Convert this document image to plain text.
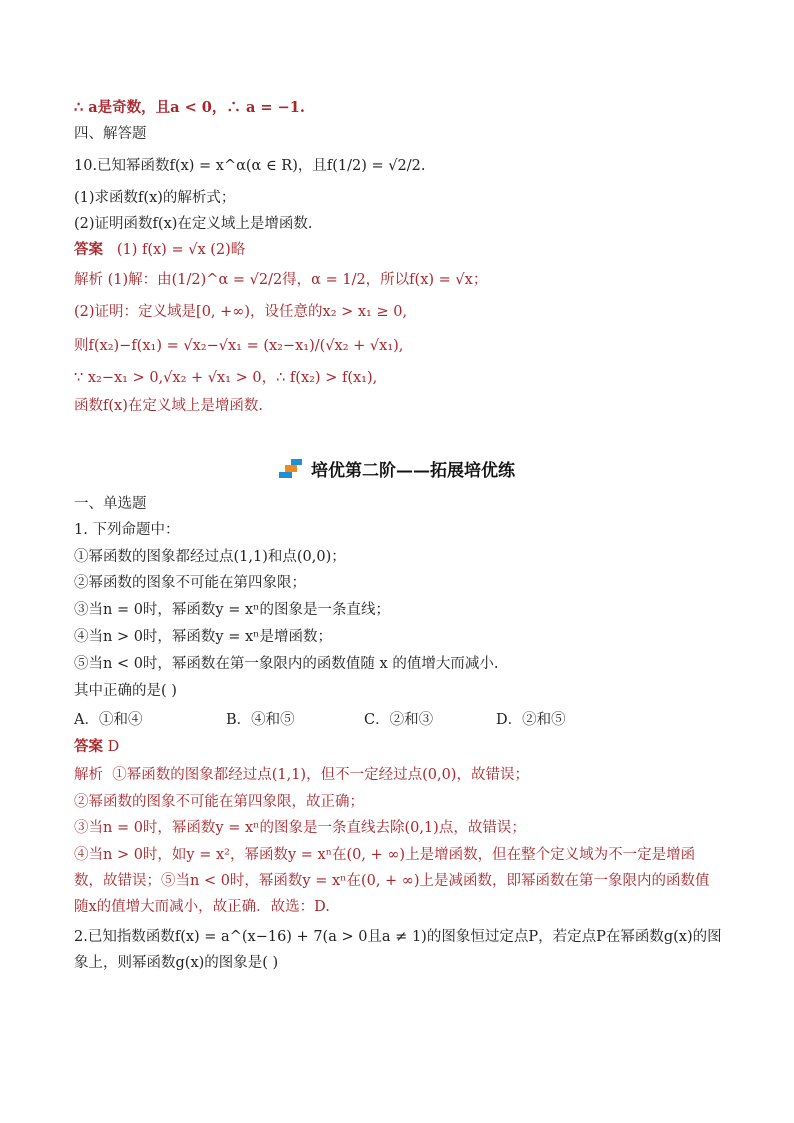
∴ a是奇数，且a < 0，∴ a = −1.
四、解答题
10.已知幂函数f(x) = x^α(α ∈ R)，且f(1/2) = √2/2.
(1)求函数f(x)的解析式；
(2)证明函数f(x)在定义域上是增函数.
答案 (1) f(x) = √x (2)略
解析 (1)解：由(1/2)^α = √2/2得，α = 1/2，所以f(x) = √x；
(2)证明：定义域是[0, +∞)，设任意的x₂ > x₁ ≥ 0,
则f(x₂)−f(x₁) = √x₂−√x₁ = (x₂−x₁)/(√x₂ + √x₁),
∵ x₂−x₁ > 0,√x₂ + √x₁ > 0，∴ f(x₂) > f(x₁),
函数f(x)在定义域上是增函数.
培优第二阶——拓展培优练
一、单选题
1. 下列命题中：
①幂函数的图象都经过点(1,1)和点(0,0)；
②幂函数的图象不可能在第四象限；
③当n = 0时，幂函数y = xⁿ的图象是一条直线；
④当n > 0时，幂函数y = xⁿ是增函数；
⑤当n < 0时，幂函数在第一象限内的函数值随 x 的值增大而减小.
其中正确的是( )
A．①和④	B．④和⑤	C．②和③	D．②和⑤
答案 D
解析 ①幂函数的图象都经过点(1,1)，但不一定经过点(0,0)，故错误；
②幂函数的图象不可能在第四象限，故正确；
③当n = 0时，幂函数y = xⁿ的图象是一条直线去除(0,1)点，故错误；
④当n > 0时，如y = x²，幂函数y = xⁿ在(0, + ∞)上是增函数，但在整个定义域为不一定是增函数，故错误；⑤当n < 0时，幂函数y = xⁿ在(0, + ∞)上是减函数，即幂函数在第一象限内的函数值随x的值增大而减小，故正确．故选：D.
2.已知指数函数f(x) = a^(x−16) + 7(a > 0且a ≠ 1)的图象恒过定点P，若定点P在幂函数g(x)的图象上，则幂函数g(x)的图象是( )
